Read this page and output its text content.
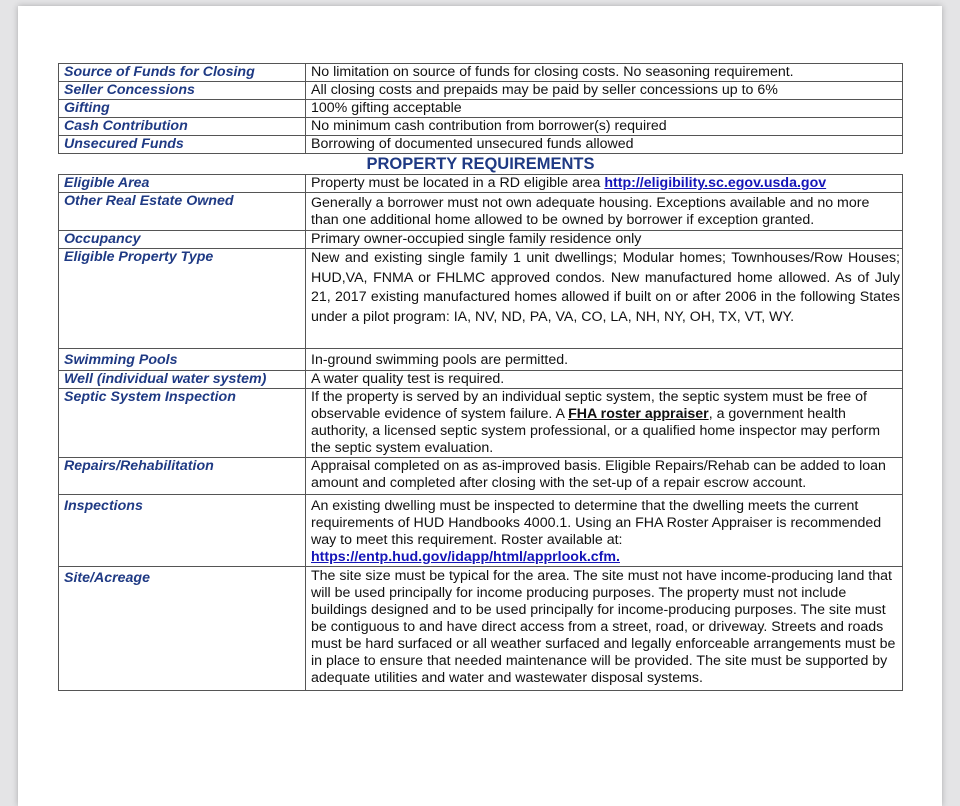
Source of Funds for Closing	No limitation on source of funds for closing costs. No seasoning requirement.
Seller Concessions	All closing costs and prepaids may be paid by seller concessions up to 6%
Gifting	100% gifting acceptable
Cash Contribution	No minimum cash contribution from borrower(s) required
Unsecured Funds	Borrowing of documented unsecured funds allowed
PROPERTY REQUIREMENTS	
Eligible Area	Property must be located in a RD eligible area http://eligibility.sc.egov.usda.gov
Other Real Estate Owned	Generally a borrower must not own adequate housing. Exceptions available and no more than one additional home allowed to be owned by borrower if exception granted.
Occupancy	Primary owner-occupied single family residence only
Eligible Property Type	New and existing single family 1 unit dwellings; Modular homes; Townhouses/Row Houses; HUD,VA, FNMA or FHLMC approved condos. New manufactured home allowed. As of July 21, 2017 existing manufactured homes allowed if built on or after 2006 in the following States under a pilot program: IA, NV, ND, PA, VA, CO, LA, NH, NY, OH, TX, VT, WY.
Swimming Pools	In-ground swimming pools are permitted.
Well (individual water system)	A water quality test is required.
Septic System Inspection	If the property is served by an individual septic system, the septic system must be free of observable evidence of system failure. A FHA roster appraiser, a government health authority, a licensed septic system professional, or a qualified home inspector may perform the septic system evaluation.
Repairs/Rehabilitation	Appraisal completed on as as-improved basis. Eligible Repairs/Rehab can be added to loan amount and completed after closing with the set-up of a repair escrow account.
Inspections	An existing dwelling must be inspected to determine that the dwelling meets the current requirements of HUD Handbooks 4000.1. Using an FHA Roster Appraiser is recommended way to meet this requirement. Roster available at:
https://entp.hud.gov/idapp/html/apprlook.cfm.
Site/Acreage	The site size must be typical for the area. The site must not have income-producing land that will be used principally for income producing purposes. The property must not include buildings designed and to be used principally for income-producing purposes. The site must be contiguous to and have direct access from a street, road, or driveway. Streets and roads must be hard surfaced or all weather surfaced and legally enforceable arrangements must be in place to ensure that needed maintenance will be provided. The site must be supported by adequate utilities and water and wastewater disposal systems.
